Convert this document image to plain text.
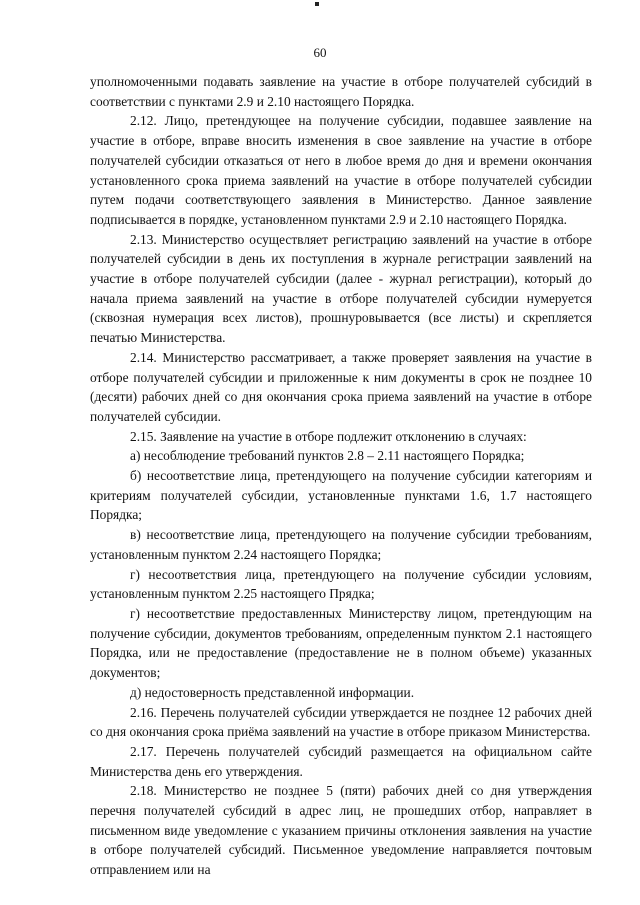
60

уполномоченными подавать заявление на участие в отборе получателей субсидий в соответствии с пунктами 2.9 и 2.10 настоящего Порядка.

2.12. Лицо, претендующее на получение субсидии, подавшее заявление на участие в отборе, вправе вносить изменения в свое заявление на участие в отборе получателей субсидии отказаться от него в любое время до дня и времени окончания установленного срока приема заявлений на участие в отборе получателей субсидии путем подачи соответствующего заявления в Министерство. Данное заявление подписывается в порядке, установленном пунктами 2.9 и 2.10 настоящего Порядка.

2.13. Министерство осуществляет регистрацию заявлений на участие в отборе получателей субсидии в день их поступления в журнале регистрации заявлений на участие в отборе получателей субсидии (далее - журнал регистрации), который до начала приема заявлений на участие в отборе получателей субсидии нумеруется (сквозная нумерация всех листов), прошнуровывается (все листы) и скрепляется печатью Министерства.

2.14. Министерство рассматривает, а также проверяет заявления на участие в отборе получателей субсидии и приложенные к ним документы в срок не позднее 10 (десяти) рабочих дней со дня окончания срока приема заявлений на участие в отборе получателей субсидии.

2.15. Заявление на участие в отборе подлежит отклонению в случаях:

а) несоблюдение требований пунктов 2.8 – 2.11 настоящего Порядка;

б) несоответствие лица, претендующего на получение субсидии категориям и критериям получателей субсидии, установленные пунктами 1.6, 1.7 настоящего Порядка;

в) несоответствие лица, претендующего на получение субсидии требованиям, установленным пунктом 2.24 настоящего Порядка;

г) несоответствия лица, претендующего на получение субсидии условиям, установленным пунктом 2.25 настоящего Прядка;

г) несоответствие предоставленных Министерству лицом, претендующим на получение субсидии, документов требованиям, определенным пунктом 2.1 настоящего Порядка, или не предоставление (предоставление не в полном объеме) указанных документов;

д) недостоверность представленной информации.

2.16. Перечень получателей субсидии утверждается не позднее 12 рабочих дней со дня окончания срока приёма заявлений на участие в отборе приказом Министерства.

2.17. Перечень получателей субсидий размещается на официальном сайте Министерства день его утверждения.

2.18. Министерство не позднее 5 (пяти) рабочих дней со дня утверждения перечня получателей субсидий в адрес лиц, не прошедших отбор, направляет в письменном виде уведомление с указанием причины отклонения заявления на участие в отборе получателей субсидий. Письменное уведомление направляется почтовым отправлением или на
